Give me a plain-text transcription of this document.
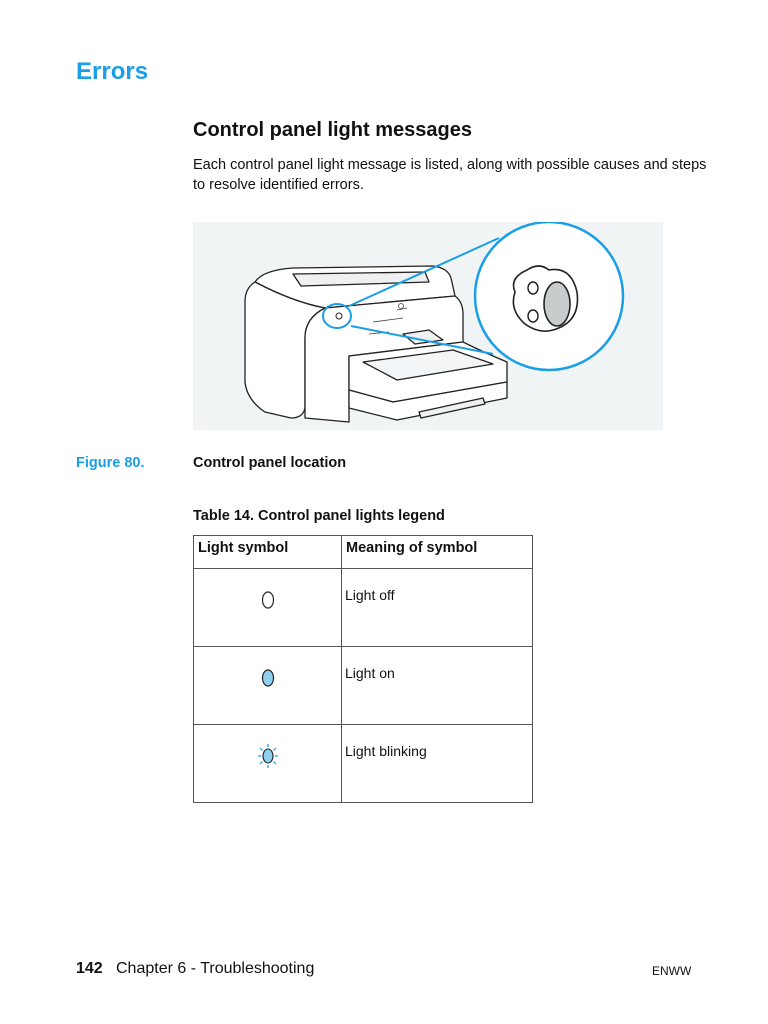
Errors
Control panel light messages

Each control panel light message is listed, along with possible causes and steps to resolve identified errors.

Figure 80.	Control panel location
Table 14. Control panel lights legend
Light symbol	Meaning of symbol

	Light off

	Light on

	Light blinking
142 Chapter 6 - Troubleshooting	ENWW
